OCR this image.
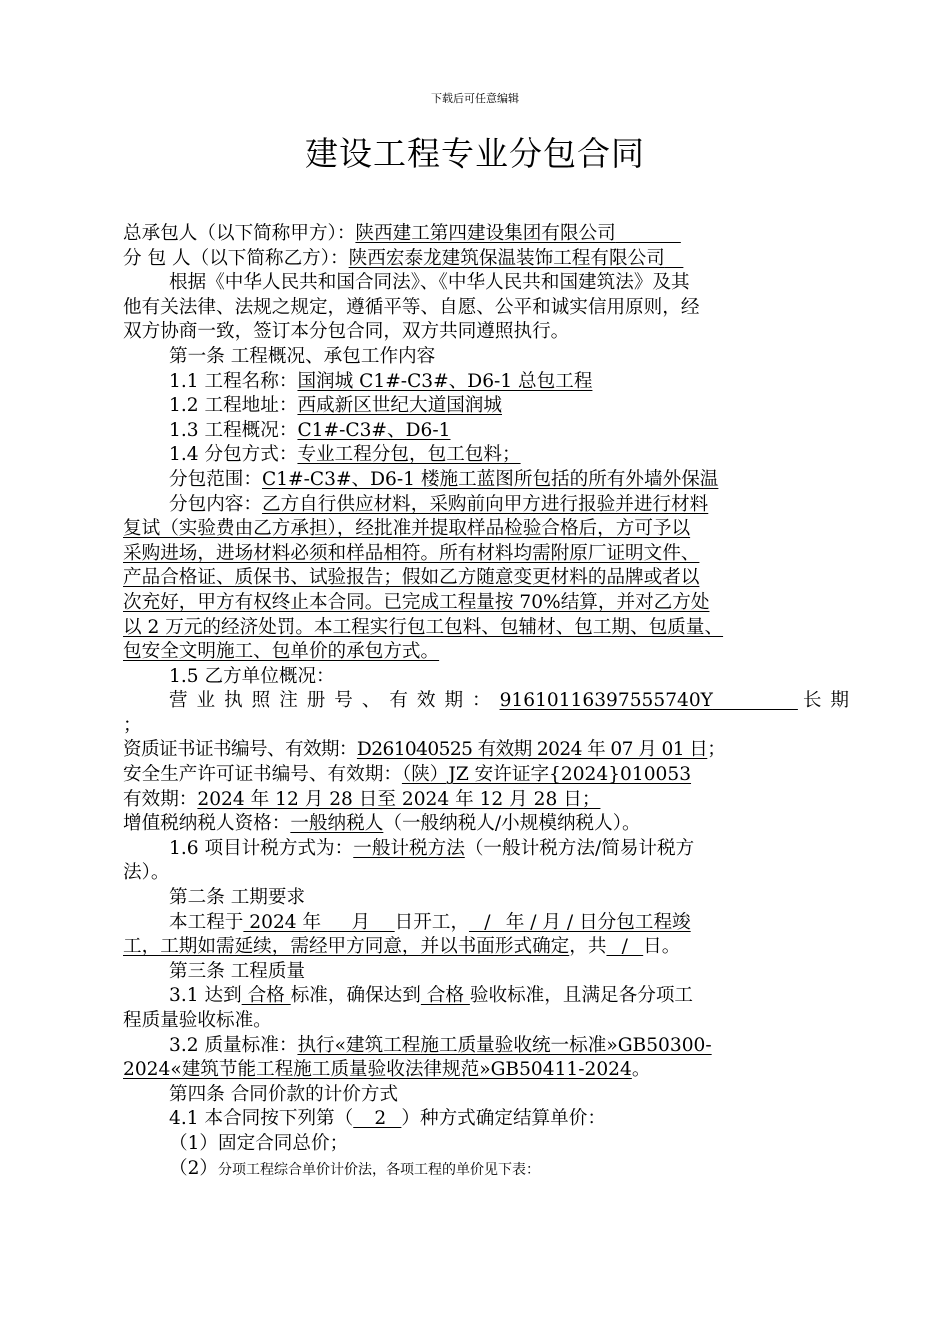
下载后可任意编辑
建设工程专业分包合同
总承包人（以下简称甲方）：陕西建工第四建设集团有限公司　　　 
分 包 人（以下简称乙方）：陕西宏泰龙建筑保温装饰工程有限公司　
根据《中华人民共和国合同法》、《中华人民共和国建筑法》及其
他有关法律、法规之规定，遵循平等、自愿、公平和诚实信用原则，经
双方协商一致，签订本分包合同，双方共同遵照执行。
第一条 工程概况、承包工作内容
1.1 工程名称：国润城 C1#-C3#、D6-1 总包工程
1.2 工程地址：西咸新区世纪大道国润城
1.3 工程概况：C1#-C3#、D6-1
1.4 分包方式：专业工程分包，包工包料；
分包范围：C1#-C3#、D6-1 楼施工蓝图所包括的所有外墙外保温
分包内容：乙方自行供应材料，采购前向甲方进行报验并进行材料
复试（实验费由乙方承担），经批准并提取样品检验合格后，方可予以
采购进场，进场材料必须和样品相符。所有材料均需附原厂证明文件、
产品合格证、质保书、试验报告；假如乙方随意变更材料的品牌或者以
次充好，甲方有权终止本合同。已完成工程量按 70%结算，并对乙方处
以 2 万元的经济处罚。本工程实行包工包料、包辅材、包工期、包质量、
包安全文明施工、包单价的承包方式。
1.5 乙方单位概况：
营业执照注册号、有效期：91610116397555740Y　　　 	长期
；
资质证书证书编号、有效期：D261040525 有效期 2024 年 07 月 01 日；
安全生产许可证书编号、有效期：（陕）JZ 安许证字{2024}010053
有效期：2024 年 12 月 28 日至 2024 年 12 月 28 日；
增值税纳税人资格：一般纳税人（一般纳税人/小规模纳税人）。
1.6 项目计税方式为：一般计税方法（一般计税方法/简易计税方
法）。
第二条 工期要求
本工程于 2024 年 　 月 　日开工，  /  年 / 月 / 日分包工程竣
工，工期如需延续，需经甲方同意，并以书面形式确定，共  /  日。
第三条 工程质量
3.1 达到 合格 标准，确保达到 合格 验收标准，且满足各分项工
程质量验收标准。
3.2 质量标准：执行«建筑工程施工质量验收统一标准»GB50300-
2024«建筑节能工程施工质量验收法律规范»GB50411-2024。
第四条 合同价款的计价方式
4.1 本合同按下列第（   2  ）种方式确定结算单价：
（1）固定合同总价；
（2）分项工程综合单价计价法，各项工程的单价见下表：
